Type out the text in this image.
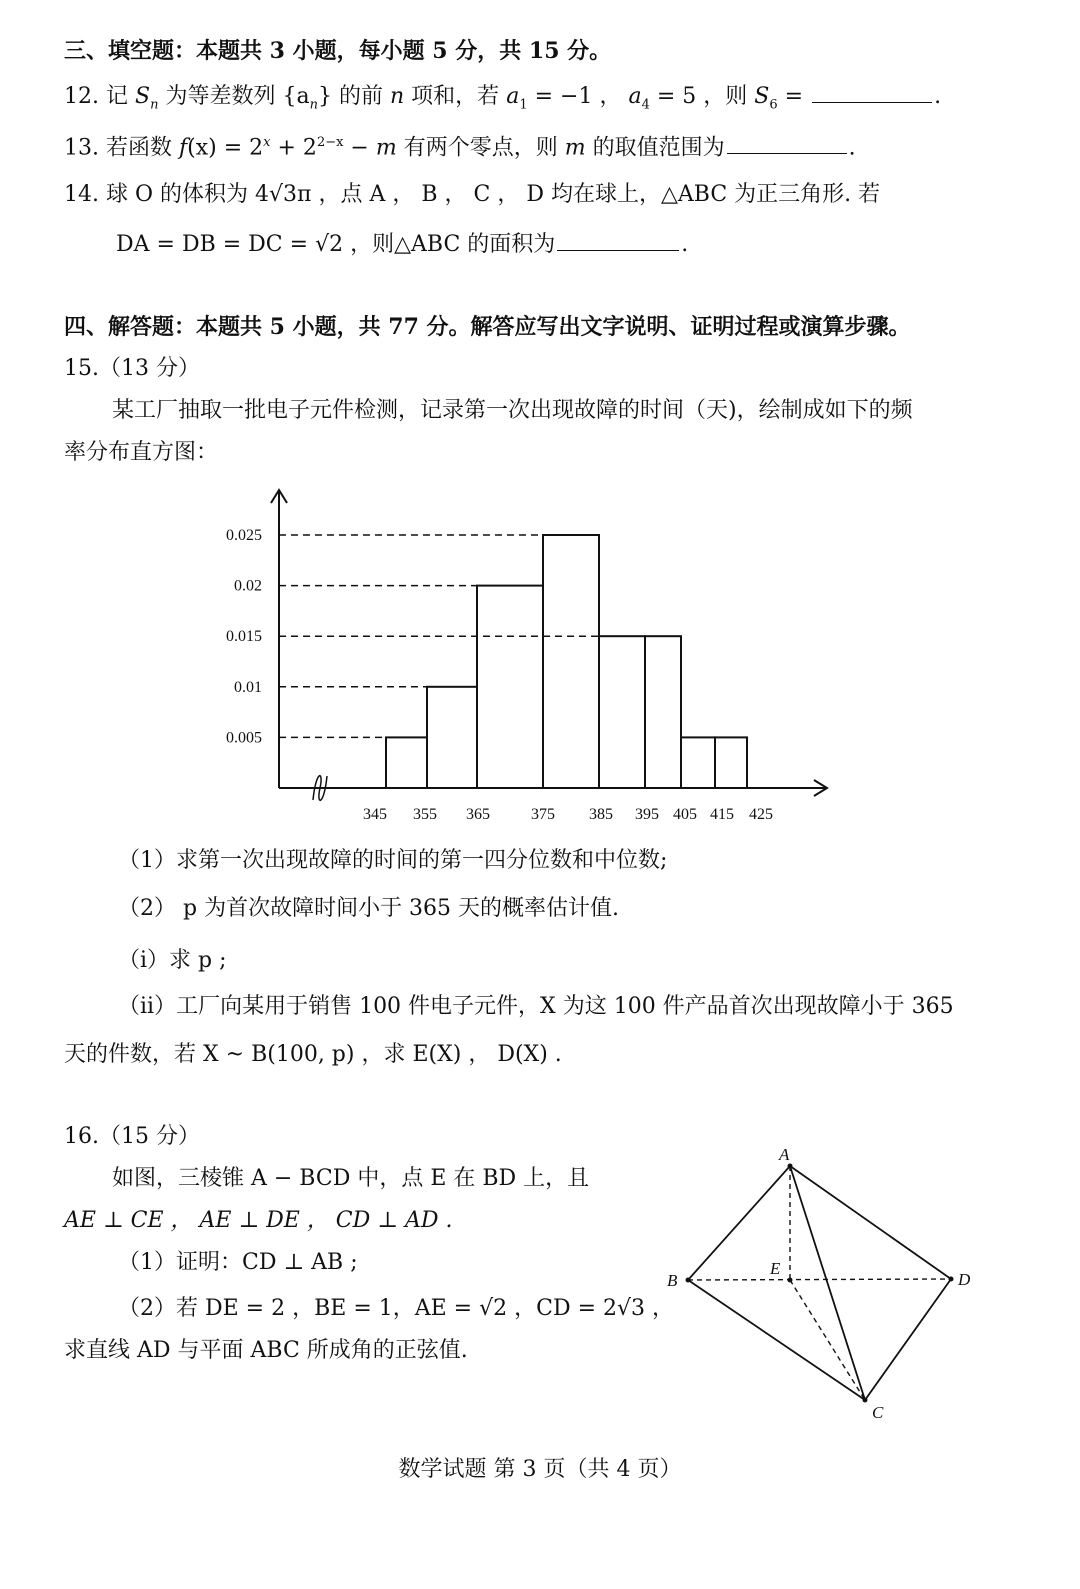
三、填空题：本题共 3 小题，每小题 5 分，共 15 分。
12. 记 $S_n$ 为等差数列 $\{a_n\}$ 的前 n 项和，若 $a_1 = -1$ ， $a_4 = 5$ ，则 $S_6$ =	.
13. 若函数 $f(x) = 2^x + 2^{2-x} - m$ 有两个零点，则 m 的取值范围为	.
14. 球 O 的体积为 4√3π ，点 A ， B ， C ， D 均在球上，△ABC 为正三角形. 若
DA = DB = DC = √2 ，则△ABC 的面积为	.
四、解答题：本题共 5 小题，共 77 分。解答应写出文字说明、证明过程或演算步骤。
15.（13 分）
某工厂抽取一批电子元件检测，记录第一次出现故障的时间（天)，绘制成如下的频
率分布直方图：
0.025
0.02
0.015
0.01
0.005
345 355 365	375 385 395 405 415 425
（1）求第一次出现故障的时间的第一四分位数和中位数;
（2） p 为首次故障时间小于 365 天的概率估计值.
（i）求 p ;
（ii）工厂向某用于销售 100 件电子元件，X 为这 100 件产品首次出现故障小于 365
天的件数，若 X ~ B(100, p) ，求 E(X) ， D(X) .
16.（15 分）
如图，三棱锥 A − BCD 中，点 E 在 BD 上，且
AE ⊥ CE ， AE ⊥ DE ， CD ⊥ AD .
（1）证明：CD ⊥ AB ;
（2）若 DE = 2 ，BE = 1，AE = √2 ，CD = 2√3 ，
求直线 AD 与平面 ABC 所成角的正弦值.
A
B	D
E
C
数学试题 第 3 页（共 4 页）
